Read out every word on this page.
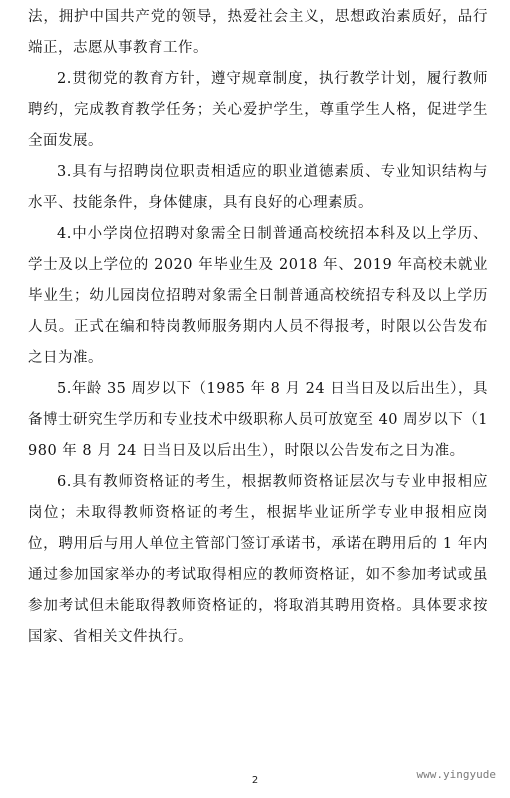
法，拥护中国共产党的领导，热爱社会主义，思想政治素质好，品行端正，志愿从事教育工作。

2.贯彻党的教育方针，遵守规章制度，执行教学计划，履行教师聘约，完成教育教学任务；关心爱护学生，尊重学生人格，促进学生全面发展。

3.具有与招聘岗位职责相适应的职业道德素质、专业知识结构与水平、技能条件，身体健康，具有良好的心理素质。

4.中小学岗位招聘对象需全日制普通高校统招本科及以上学历、学士及以上学位的 2020 年毕业生及 2018 年、2019 年高校未就业毕业生；幼儿园岗位招聘对象需全日制普通高校统招专科及以上学历人员。正式在编和特岗教师服务期内人员不得报考，时限以公告发布之日为准。

5.年龄 35 周岁以下（1985 年 8 月 24 日当日及以后出生），具备博士研究生学历和专业技术中级职称人员可放宽至 40 周岁以下（1980 年 8 月 24 日当日及以后出生），时限以公告发布之日为准。

6.具有教师资格证的考生，根据教师资格证层次与专业申报相应岗位；未取得教师资格证的考生，根据毕业证所学专业申报相应岗位，聘用后与用人单位主管部门签订承诺书，承诺在聘用后的 1 年内通过参加国家举办的考试取得相应的教师资格证，如不参加考试或虽参加考试但未能取得教师资格证的，将取消其聘用资格。具体要求按国家、省相关文件执行。

www.yingyude
2
